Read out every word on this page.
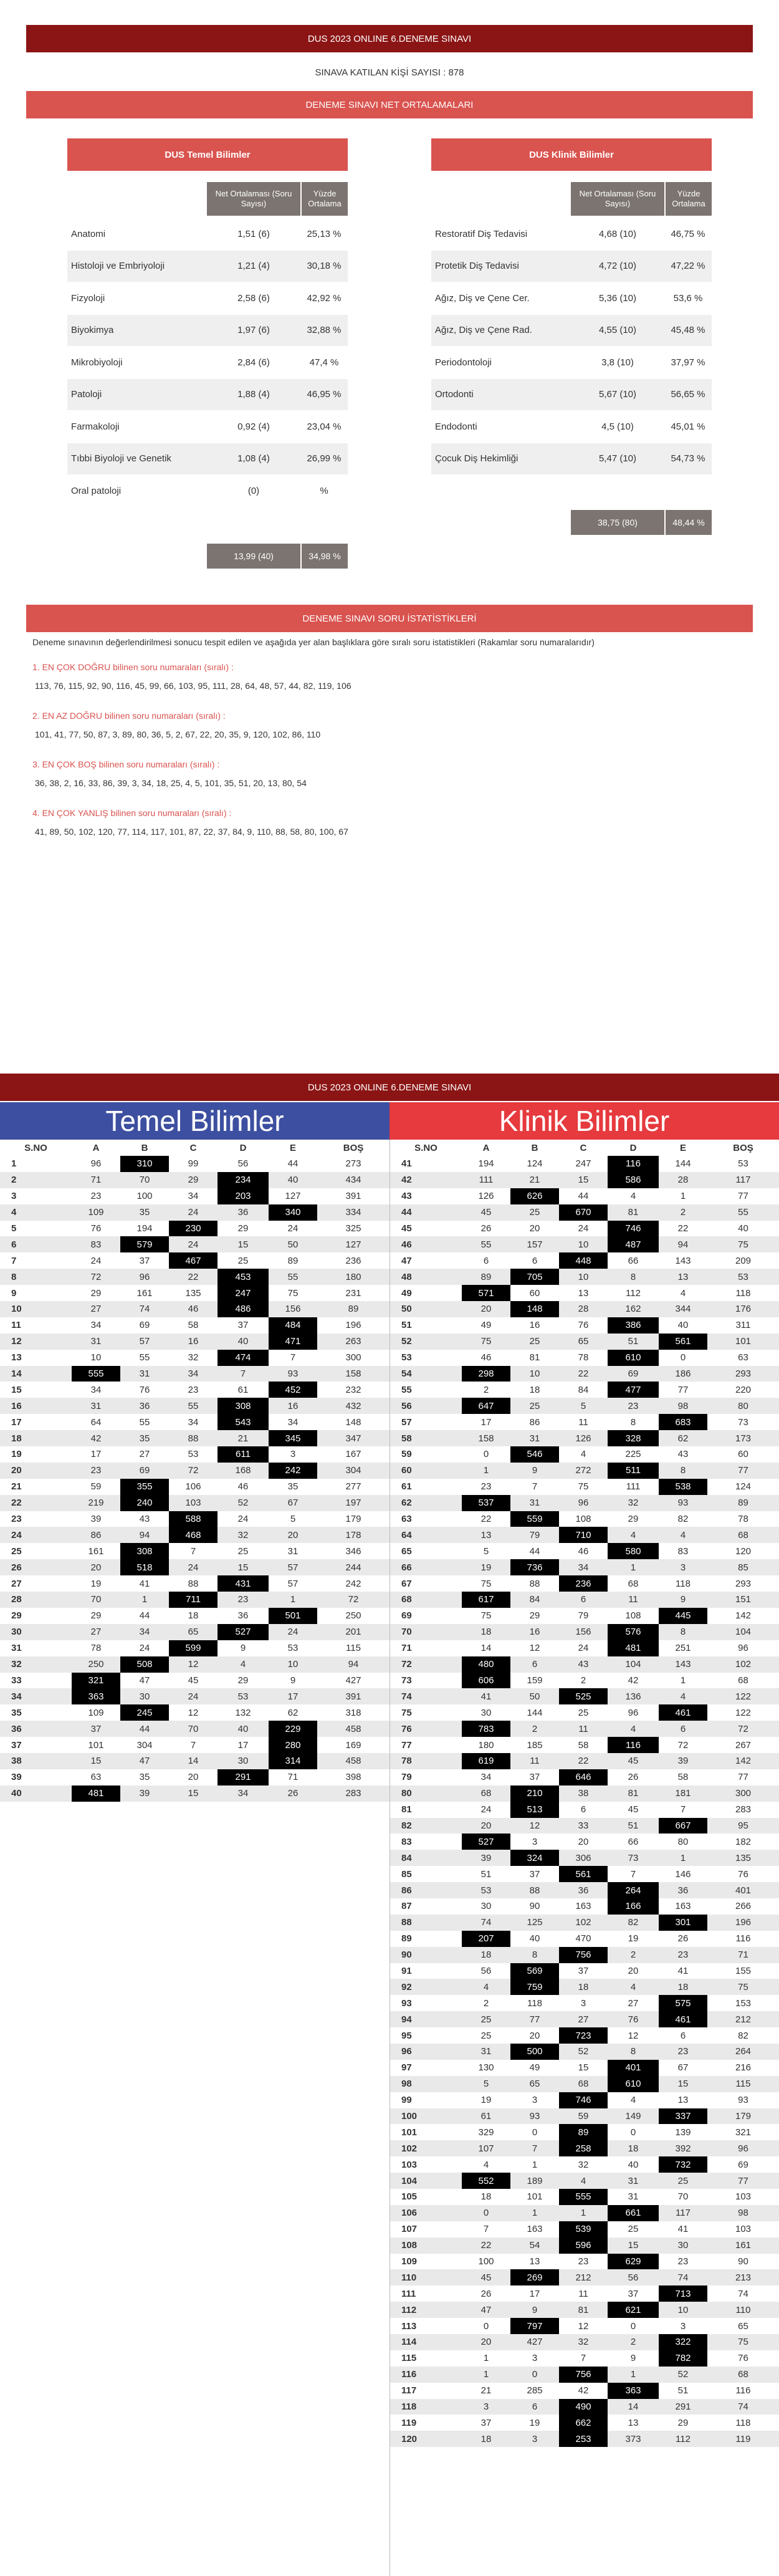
DUS 2023 ONLINE 6.DENEME SINAVI
SINAVA KATILAN KİŞİ SAYISI : 878
DENEME SINAVI NET ORTALAMALARI
DUS Temel Bilimler
Net Ortalaması (Soru Sayısı)
Yüzde Ortalama
Anatomi	1,51 (6)	25,13 %
Histoloji ve Embriyoloji	1,21 (4)	30,18 %
Fizyoloji	2,58 (6)	42,92 %
Biyokimya	1,97 (6)	32,88 %
Mikrobiyoloji	2,84 (6)	47,4 %
Patoloji	1,88 (4)	46,95 %
Farmakoloji	0,92 (4)	23,04 %
Tıbbi Biyoloji ve Genetik	1,08 (4)	26,99 %
Oral patoloji	(0)	%
13,99 (40)	34,98 %
DUS Klinik Bilimler
Net Ortalaması (Soru Sayısı)
Yüzde Ortalama
Restoratif Diş Tedavisi	4,68 (10)	46,75 %
Protetik Diş Tedavisi	4,72 (10)	47,22 %
Ağız, Diş ve Çene Cer.	5,36 (10)	53,6 %
Ağız, Diş ve Çene Rad.	4,55 (10)	45,48 %
Periodontoloji	3,8 (10)	37,97 %
Ortodonti	5,67 (10)	56,65 %
Endodonti	4,5 (10)	45,01 %
Çocuk Diş Hekimliği	5,47 (10)	54,73 %
38,75 (80)	48,44 %
DENEME SINAVI SORU İSTATİSTİKLERİ
Deneme sınavının değerlendirilmesi sonucu tespit edilen ve aşağıda yer alan başlıklara göre sıralı soru istatistikleri (Rakamlar soru numaralarıdır)
1. EN ÇOK DOĞRU bilinen soru numaraları (sıralı) :
113, 76, 115, 92, 90, 116, 45, 99, 66, 103, 95, 111, 28, 64, 48, 57, 44, 82, 119, 106
2. EN AZ DOĞRU bilinen soru numaraları (sıralı) :
101, 41, 77, 50, 87, 3, 89, 80, 36, 5, 2, 67, 22, 20, 35, 9, 120, 102, 86, 110
3. EN ÇOK BOŞ bilinen soru numaraları (sıralı) :
36, 38, 2, 16, 33, 86, 39, 3, 34, 18, 25, 4, 5, 101, 35, 51, 20, 13, 80, 54
4. EN ÇOK YANLIŞ bilinen soru numaraları (sıralı) :
41, 89, 50, 102, 120, 77, 114, 117, 101, 87, 22, 37, 84, 9, 110, 88, 58, 80, 100, 67
DUS 2023 ONLINE 6.DENEME SINAVI
Temel Bilimler	Klinik Bilimler
S.NO	A	B	C	D	E	BOŞ
1	96	310	99	56	44	273
2	71	70	29	234	40	434
3	23	100	34	203	127	391
4	109	35	24	36	340	334
5	76	194	230	29	24	325
6	83	579	24	15	50	127
7	24	37	467	25	89	236
8	72	96	22	453	55	180
9	29	161	135	247	75	231
10	27	74	46	486	156	89
11	34	69	58	37	484	196
12	31	57	16	40	471	263
13	10	55	32	474	7	300
14	555	31	34	7	93	158
15	34	76	23	61	452	232
16	31	36	55	308	16	432
17	64	55	34	543	34	148
18	42	35	88	21	345	347
19	17	27	53	611	3	167
20	23	69	72	168	242	304
21	59	355	106	46	35	277
22	219	240	103	52	67	197
23	39	43	588	24	5	179
24	86	94	468	32	20	178
25	161	308	7	25	31	346
26	20	518	24	15	57	244
27	19	41	88	431	57	242
28	70	1	711	23	1	72
29	29	44	18	36	501	250
30	27	34	65	527	24	201
31	78	24	599	9	53	115
32	250	508	12	4	10	94
33	321	47	45	29	9	427
34	363	30	24	53	17	391
35	109	245	12	132	62	318
36	37	44	70	40	229	458
37	101	304	7	17	280	169
38	15	47	14	30	314	458
39	63	35	20	291	71	398
40	481	39	15	34	26	283
S.NO	A	B	C	D	E	BOŞ
41	194	124	247	116	144	53
42	111	21	15	586	28	117
43	126	626	44	4	1	77
44	45	25	670	81	2	55
45	26	20	24	746	22	40
46	55	157	10	487	94	75
47	6	6	448	66	143	209
48	89	705	10	8	13	53
49	571	60	13	112	4	118
50	20	148	28	162	344	176
51	49	16	76	386	40	311
52	75	25	65	51	561	101
53	46	81	78	610	0	63
54	298	10	22	69	186	293
55	2	18	84	477	77	220
56	647	25	5	23	98	80
57	17	86	11	8	683	73
58	158	31	126	328	62	173
59	0	546	4	225	43	60
60	1	9	272	511	8	77
61	23	7	75	111	538	124
62	537	31	96	32	93	89
63	22	559	108	29	82	78
64	13	79	710	4	4	68
65	5	44	46	580	83	120
66	19	736	34	1	3	85
67	75	88	236	68	118	293
68	617	84	6	11	9	151
69	75	29	79	108	445	142
70	18	16	156	576	8	104
71	14	12	24	481	251	96
72	480	6	43	104	143	102
73	606	159	2	42	1	68
74	41	50	525	136	4	122
75	30	144	25	96	461	122
76	783	2	11	4	6	72
77	180	185	58	116	72	267
78	619	11	22	45	39	142
79	34	37	646	26	58	77
80	68	210	38	81	181	300
81	24	513	6	45	7	283
82	20	12	33	51	667	95
83	527	3	20	66	80	182
84	39	324	306	73	1	135
85	51	37	561	7	146	76
86	53	88	36	264	36	401
87	30	90	163	166	163	266
88	74	125	102	82	301	196
89	207	40	470	19	26	116
90	18	8	756	2	23	71
91	56	569	37	20	41	155
92	4	759	18	4	18	75
93	2	118	3	27	575	153
94	25	77	27	76	461	212
95	25	20	723	12	6	82
96	31	500	52	8	23	264
97	130	49	15	401	67	216
98	5	65	68	610	15	115
99	19	3	746	4	13	93
100	61	93	59	149	337	179
101	329	0	89	0	139	321
102	107	7	258	18	392	96
103	4	1	32	40	732	69
104	552	189	4	31	25	77
105	18	101	555	31	70	103
106	0	1	1	661	117	98
107	7	163	539	25	41	103
108	22	54	596	15	30	161
109	100	13	23	629	23	90
110	45	269	212	56	74	213
111	26	17	11	37	713	74
112	47	9	81	621	10	110
113	0	797	12	0	3	65
114	20	427	32	2	322	75
115	1	3	7	9	782	76
116	1	0	756	1	52	68
117	21	285	42	363	51	116
118	3	6	490	14	291	74
119	37	19	662	13	29	118
120	18	3	253	373	112	119
